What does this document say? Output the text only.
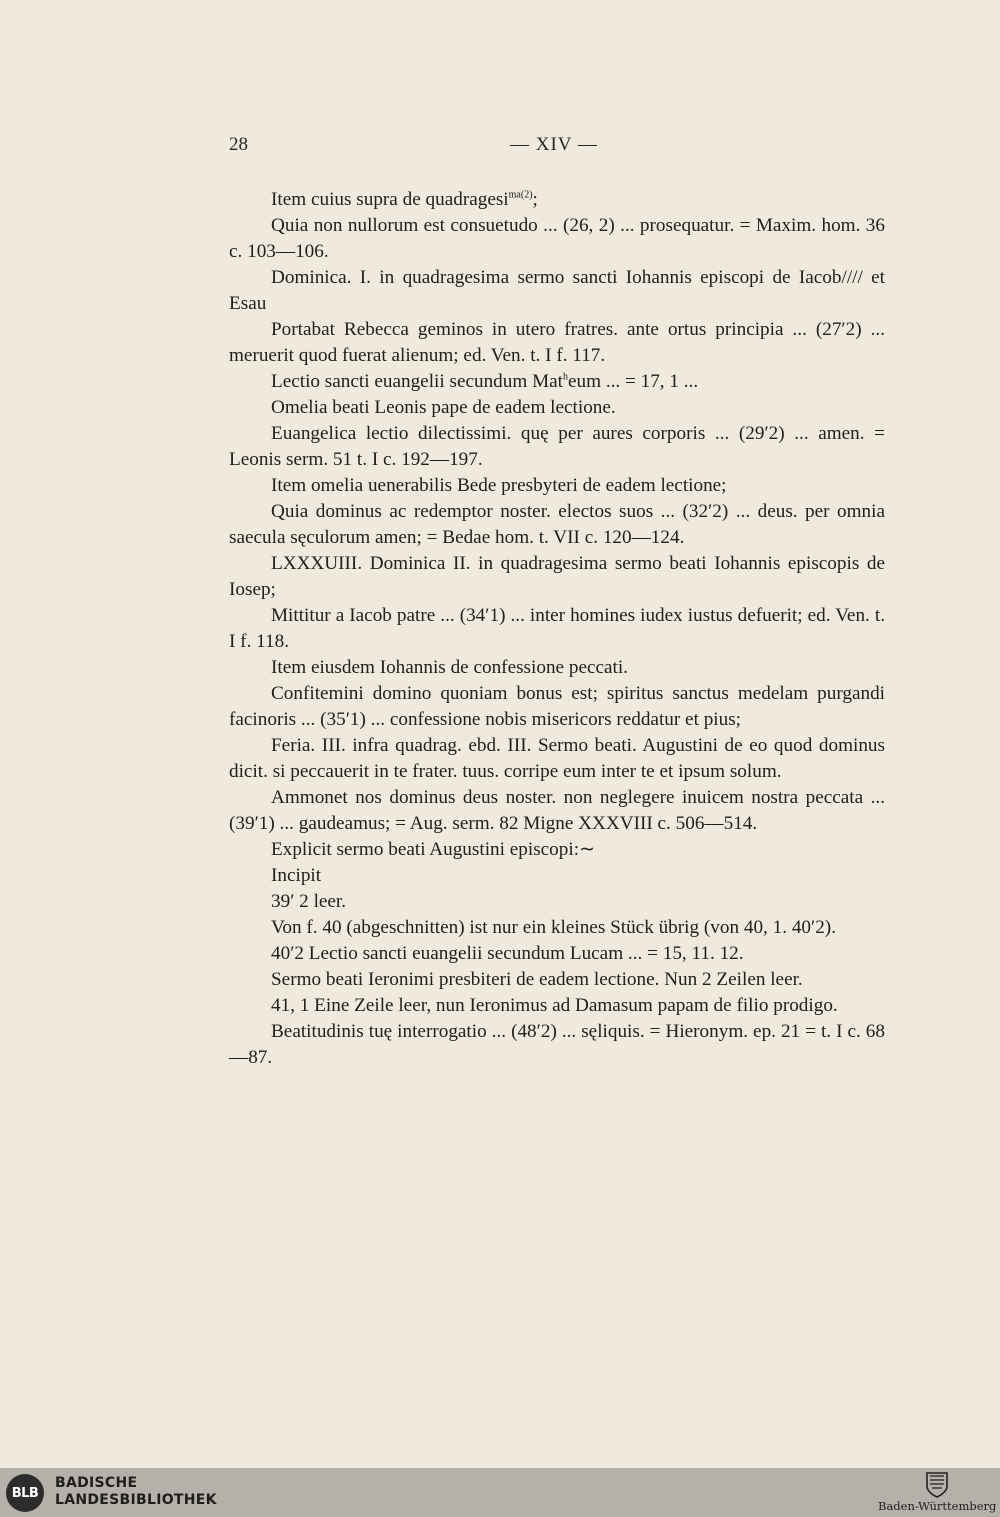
28	— XIV —

Item cuius supra de quadragesi$^{ma(2)}$;

Quia non nullorum est consuetudo ... (26, 2) ... prosequatur. = Maxim. hom. 36 c. 103—106.

Dominica. I. in quadragesima sermo sancti Iohannis episcopi de Iacob//// et Esau

Portabat Rebecca geminos in utero fratres. ante ortus principia ... (27′2) ... meruerit quod fuerat alienum; ed. Ven. t. I f. 117.

Lectio sancti euangelii secundum Mat$^h$eum ... = 17, 1 ...

Omelia beati Leonis pape de eadem lectione.

Euangelica lectio dilectissimi. quę per aures corporis ... (29′2) ... amen. = Leonis serm. 51 t. I c. 192—197.

Item omelia uenerabilis Bede presbyteri de eadem lectione;

Quia dominus ac redemptor noster. electos suos ... (32′2) ... deus. per omnia saecula sęculorum amen; = Bedae hom. t. VII c. 120—124.

LXXXUIII. Dominica II. in quadragesima sermo beati Iohannis episcopis de Iosep;

Mittitur a Iacob patre ... (34′1) ... inter homines iudex iustus defuerit; ed. Ven. t. I f. 118.

Item eiusdem Iohannis de confessione peccati.

Confitemini domino quoniam bonus est; spiritus sanctus medelam purgandi facinoris ... (35′1) ... confessione nobis misericors reddatur et pius;

Feria. III. infra quadrag. ebd. III. Sermo beati. Augustini de eo quod dominus dicit. si peccauerit in te frater. tuus. corripe eum inter te et ipsum solum.

Ammonet nos dominus deus noster. non neglegere inuicem nostra peccata ... (39′1) ... gaudeamus; = Aug. serm. 82 Migne XXXVIII c. 506—514.

Explicit sermo beati Augustini episcopi:∼

Incipit

39′ 2 leer.

Von f. 40 (abgeschnitten) ist nur ein kleines Stück übrig (von 40, 1. 40′2).

40′2 Lectio sancti euangelii secundum Lucam ... = 15, 11. 12.

Sermo beati Ieronimi presbiteri de eadem lectione. Nun 2 Zeilen leer.

41, 1 Eine Zeile leer, nun Ieronimus ad Damasum papam de filio prodigo.

Beatitudinis tuę interrogatio ... (48′2) ... sęliquis. = Hieronym. ep. 21 = t. I c. 68—87.

BLB
BADISCHE
LANDESBIBLIOTHEK	Baden-Württemberg
